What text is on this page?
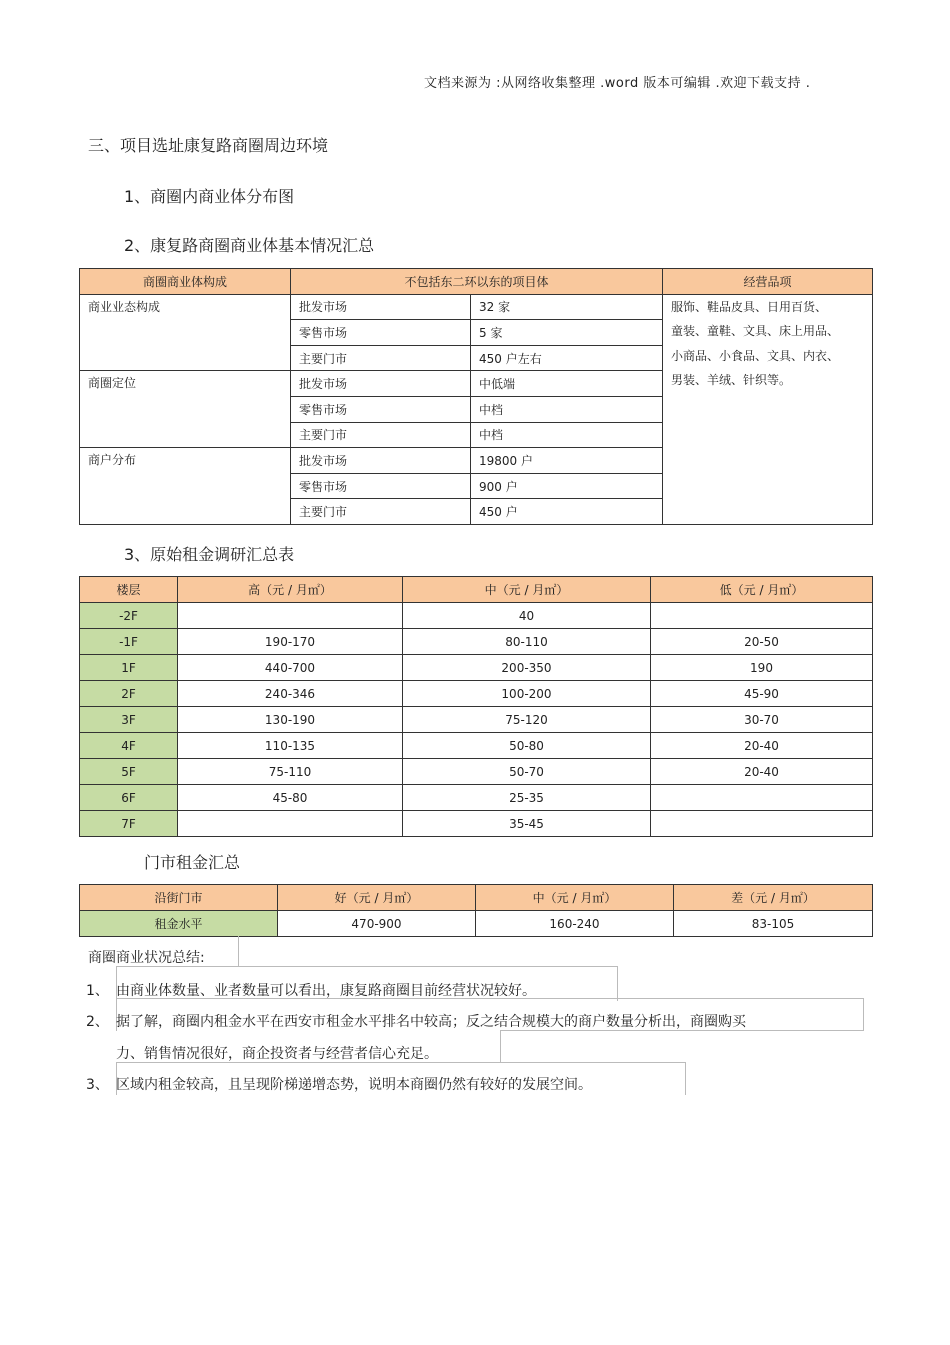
文档来源为 :从网络收集整理 .word 版本可编辑 .欢迎下载支持 .
三、项目选址康复路商圈周边环境
1、商圈内商业体分布图
2、康复路商圈商业体基本情况汇总
商圈商业体构成	不包括东二环以东的项目体		经营品项
商业业态构成	批发市场	32 家	服饰、鞋品皮具、日用百货、
童装、童鞋、文具、床上用品、
小商品、小食品、文具、内衣、
男装、羊绒、针织等。

	零售市场	5 家	
	主要门市	450 户左右	
商圈定位	批发市场	中低端	
	零售市场	中档	
	主要门市	中档	
商户分布	批发市场	19800 户	
	零售市场	900 户	
	主要门市	450 户	
3、原始租金调研汇总表
楼层	高（元 / 月㎡）	中（元 / 月㎡）	低（元 / 月㎡）
-2F		40	
-1F	190-170	80-110	20-50
1F	440-700	200-350	190
2F	240-346	100-200	45-90
3F	130-190	75-120	30-70
4F	110-135	50-80	20-40
5F	75-110	50-70	20-40
6F	45-80	25-35	
7F		35-45	
门市租金汇总
沿街门市	好（元 / 月㎡）	中（元 / 月㎡）	差（元 / 月㎡）
租金水平	470-900	160-240	83-105
商圈商业状况总结:
1、 由商业体数量、业者数量可以看出，康复路商圈目前经营状况较好。
2、 据了解，商圈内租金水平在西安市租金水平排名中较高；反之结合规模大的商户数量分析出，商圈购买
力、销售情况很好，商企投资者与经营者信心充足。
3、 区域内租金较高，且呈现阶梯递增态势，说明本商圈仍然有较好的发展空间。
